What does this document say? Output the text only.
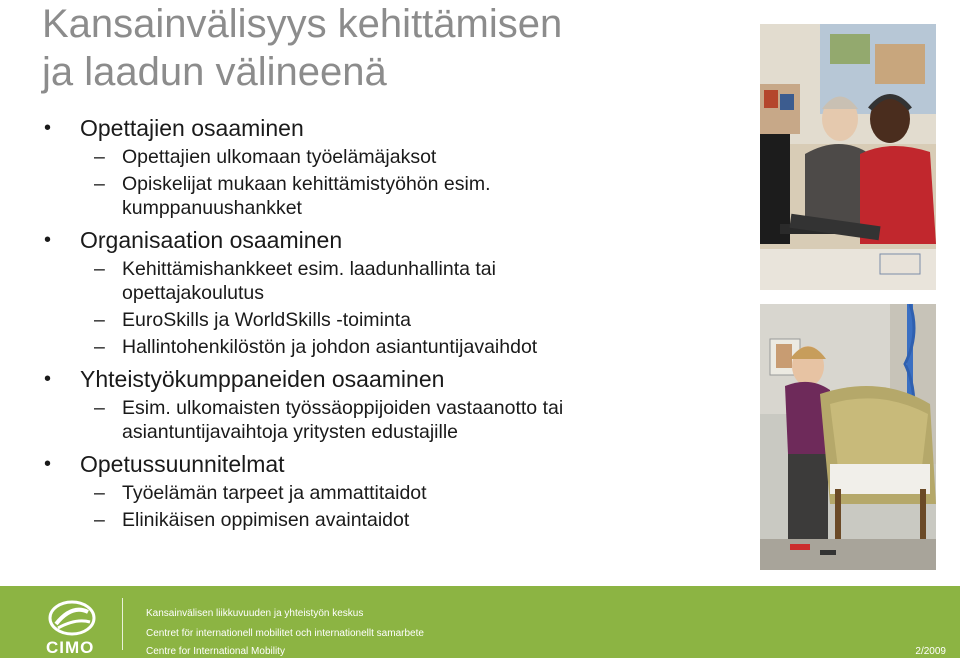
Kansainvälisyys kehittämisen
ja laadun välineenä
• Opettajien osaaminen
– Opettajien ulkomaan työelämäjaksot
– Opiskelijat mukaan kehittämistyöhön esim.
kumppanuushankket
• Organisaation osaaminen
– Kehittämishankkeet esim. laadunhallinta tai
opettajakoulutus
– EuroSkills ja WorldSkills -toiminta
– Hallintohenkilöstön ja johdon asiantuntijavaihdot
• Yhteistyökumppaneiden osaaminen
– Esim. ulkomaisten työssäoppijoiden vastaanotto tai
asiantuntijavaihtoja yritysten edustajille
• Opetussuunnitelmat
– Työelämän tarpeet ja ammattitaidot
– Elinikäisen oppimisen avaintaidot
CIMO
Kansainvälisen liikkuvuuden ja yhteistyön keskus
Centret för internationell mobilitet och internationellt samarbete
Centre for International Mobility	2/2009
